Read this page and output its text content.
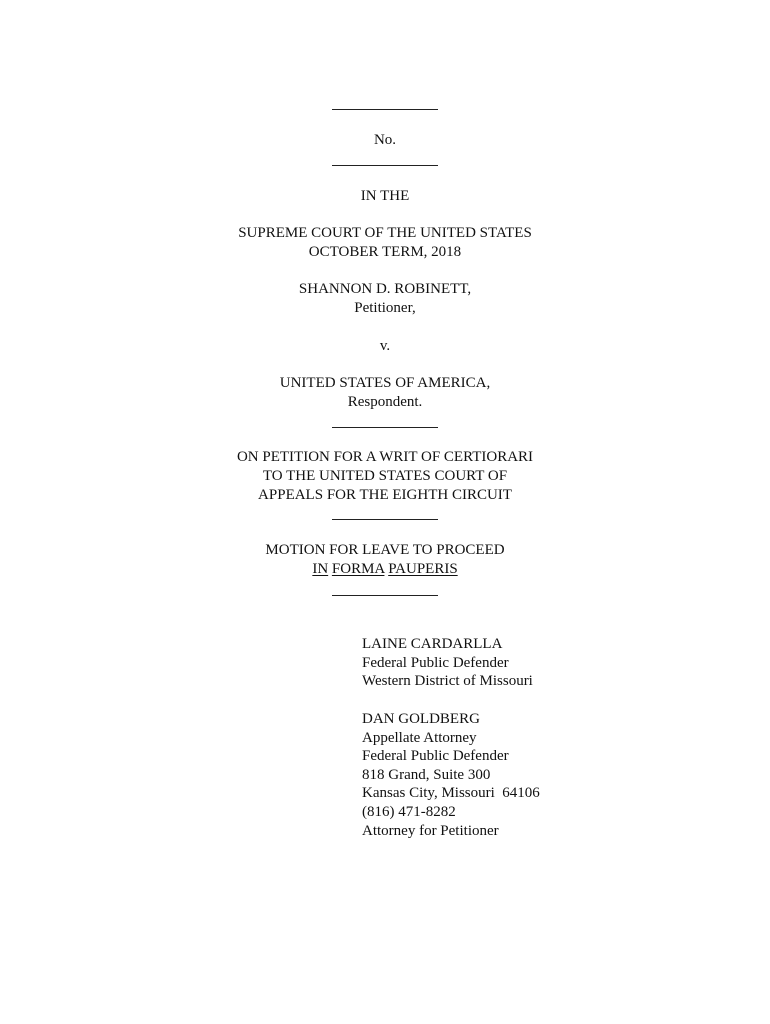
No.
IN THE
SUPREME COURT OF THE UNITED STATES
OCTOBER TERM, 2018
SHANNON D. ROBINETT,
Petitioner,
v.
UNITED STATES OF AMERICA,
Respondent.
ON PETITION FOR A WRIT OF CERTIORARI
TO THE UNITED STATES COURT OF
APPEALS FOR THE EIGHTH CIRCUIT
MOTION FOR LEAVE TO PROCEED
IN FORMA PAUPERIS
LAINE CARDARLLA
Federal Public Defender
Western District of Missouri
DAN GOLDBERG
Appellate Attorney
Federal Public Defender
818 Grand, Suite 300
Kansas City, Missouri  64106
(816) 471-8282
Attorney for Petitioner
